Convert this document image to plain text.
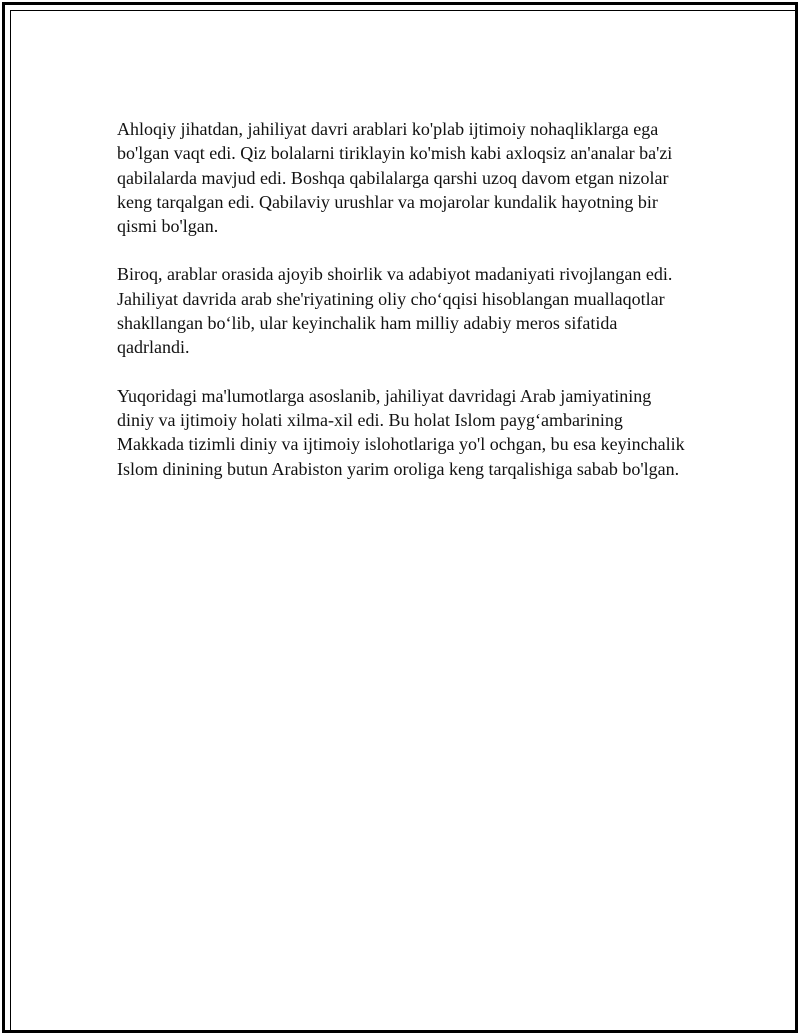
Ahloqiy jihatdan, jahiliyat davri arablari ko'plab ijtimoiy nohaqliklarga ega bo'lgan vaqt edi. Qiz bolalarni tiriklayin ko'mish kabi axloqsiz an'analar ba'zi qabilalarda mavjud edi. Boshqa qabilalarga qarshi uzoq davom etgan nizolar keng tarqalgan edi. Qabilaviy urushlar va mojarolar kundalik hayotning bir qismi bo'lgan.

Biroq, arablar orasida ajoyib shoirlik va adabiyot madaniyati rivojlangan edi. Jahiliyat davrida arab she'riyatining oliy cho‘qqisi hisoblangan muallaqotlar shakllangan bo‘lib, ular keyinchalik ham milliy adabiy meros sifatida qadrlandi.

Yuqoridagi ma'lumotlarga asoslanib, jahiliyat davridagi Arab jamiyatining diniy va ijtimoiy holati xilma-xil edi. Bu holat Islom payg‘ambarining Makkada tizimli diniy va ijtimoiy islohotlariga yo'l ochgan, bu esa keyinchalik Islom dinining butun Arabiston yarim oroliga keng tarqalishiga sabab bo'lgan.
